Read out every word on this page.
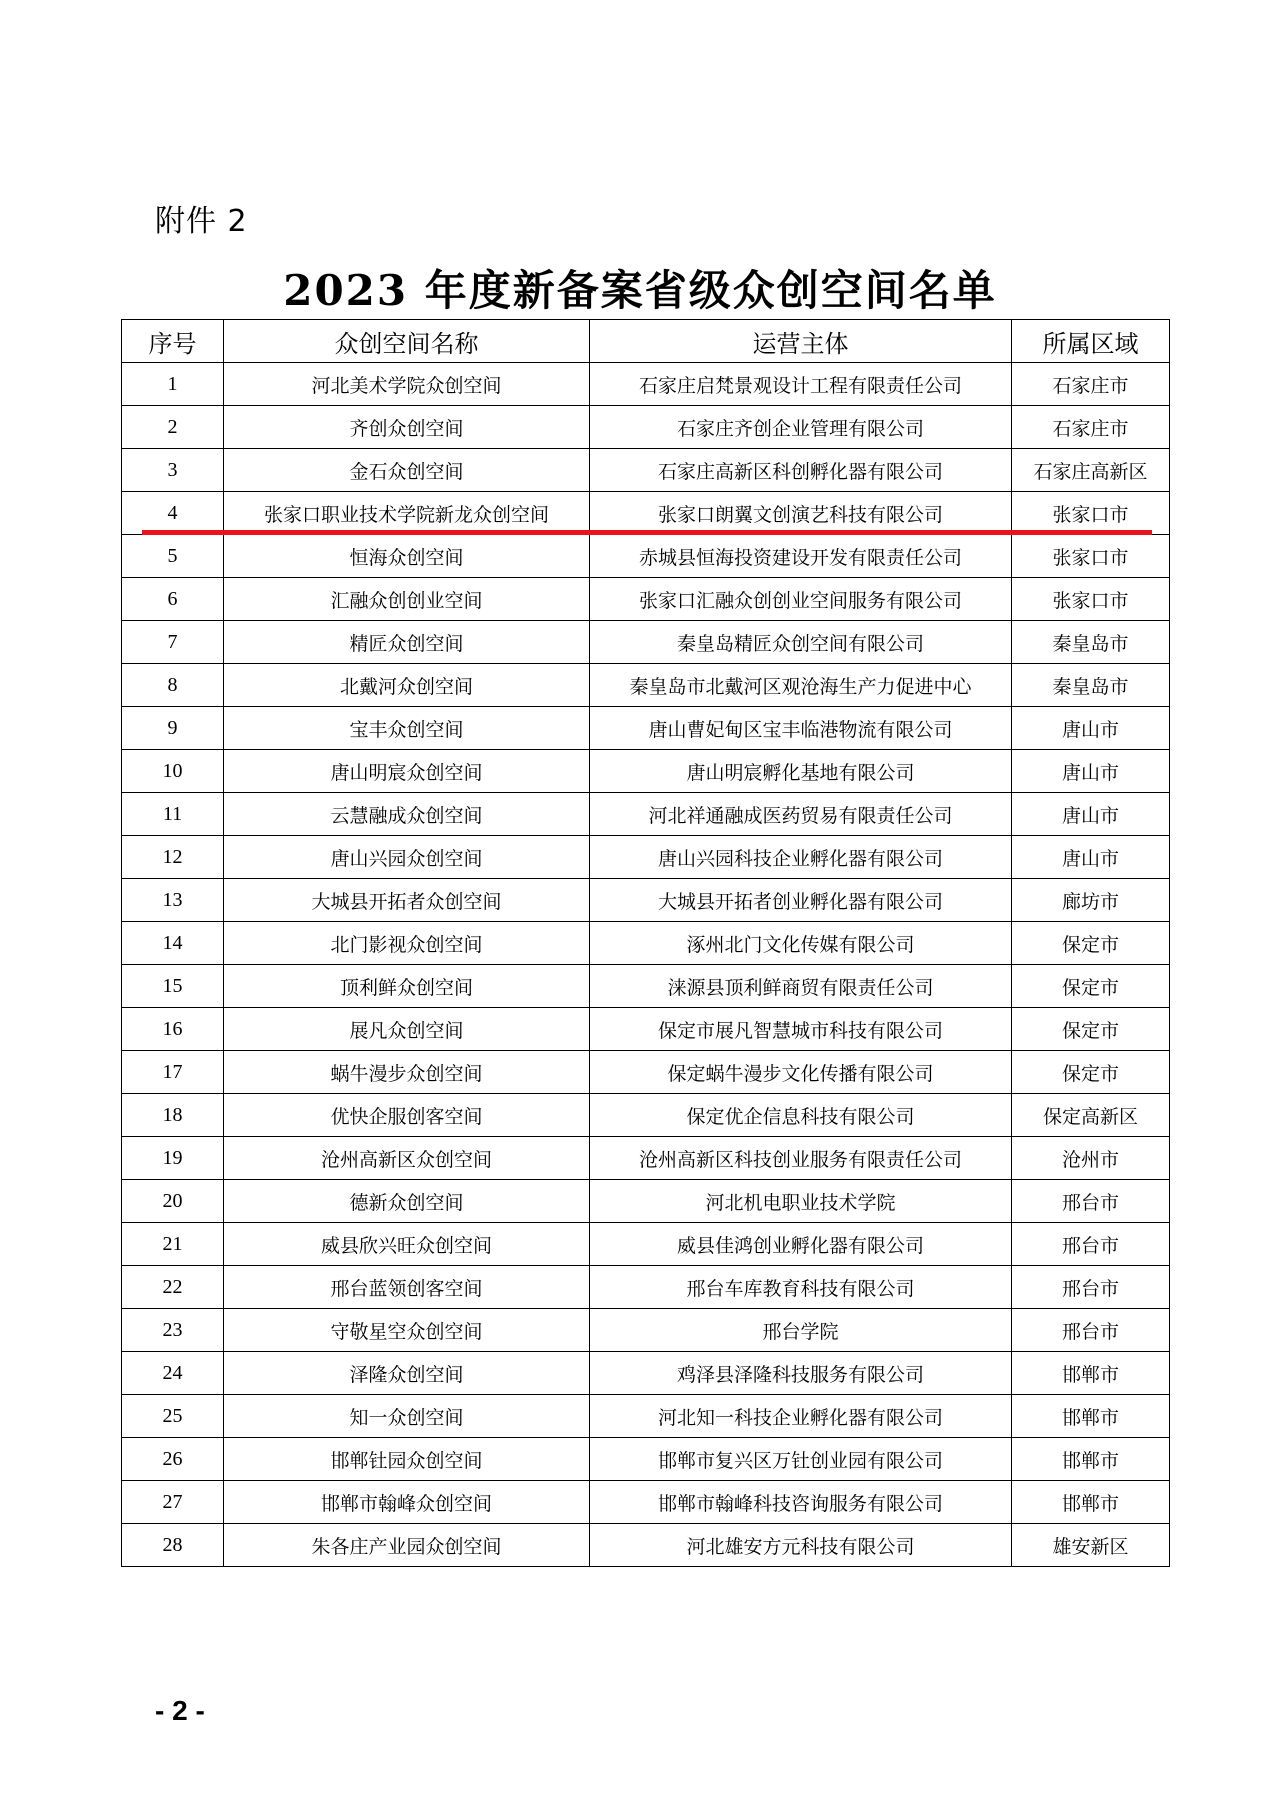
附件 2
2023 年度新备案省级众创空间名单
序号	众创空间名称	运营主体	所属区域
1	河北美术学院众创空间	石家庄启梵景观设计工程有限责任公司	石家庄市
2	齐创众创空间	石家庄齐创企业管理有限公司	石家庄市
3	金石众创空间	石家庄高新区科创孵化器有限公司	石家庄高新区
4	张家口职业技术学院新龙众创空间	张家口朗翼文创演艺科技有限公司	张家口市
5	恒海众创空间	赤城县恒海投资建设开发有限责任公司	张家口市
6	汇融众创创业空间	张家口汇融众创创业空间服务有限公司	张家口市
7	精匠众创空间	秦皇岛精匠众创空间有限公司	秦皇岛市
8	北戴河众创空间	秦皇岛市北戴河区观沧海生产力促进中心	秦皇岛市
9	宝丰众创空间	唐山曹妃甸区宝丰临港物流有限公司	唐山市
10	唐山明宸众创空间	唐山明宸孵化基地有限公司	唐山市
11	云慧融成众创空间	河北祥通融成医药贸易有限责任公司	唐山市
12	唐山兴园众创空间	唐山兴园科技企业孵化器有限公司	唐山市
13	大城县开拓者众创空间	大城县开拓者创业孵化器有限公司	廊坊市
14	北门影视众创空间	涿州北门文化传媒有限公司	保定市
15	顶利鲜众创空间	涞源县顶利鲜商贸有限责任公司	保定市
16	展凡众创空间	保定市展凡智慧城市科技有限公司	保定市
17	蜗牛漫步众创空间	保定蜗牛漫步文化传播有限公司	保定市
18	优快企服创客空间	保定优企信息科技有限公司	保定高新区
19	沧州高新区众创空间	沧州高新区科技创业服务有限责任公司	沧州市
20	德新众创空间	河北机电职业技术学院	邢台市
21	威县欣兴旺众创空间	威县佳鸿创业孵化器有限公司	邢台市
22	邢台蓝领创客空间	邢台车库教育科技有限公司	邢台市
23	守敬星空众创空间	邢台学院	邢台市
24	泽隆众创空间	鸡泽县泽隆科技服务有限公司	邯郸市
25	知一众创空间	河北知一科技企业孵化器有限公司	邯郸市
26	邯郸钍园众创空间	邯郸市复兴区万钍创业园有限公司	邯郸市
27	邯郸市翰峰众创空间	邯郸市翰峰科技咨询服务有限公司	邯郸市
28	朱各庄产业园众创空间	河北雄安方元科技有限公司	雄安新区
- 2 -
